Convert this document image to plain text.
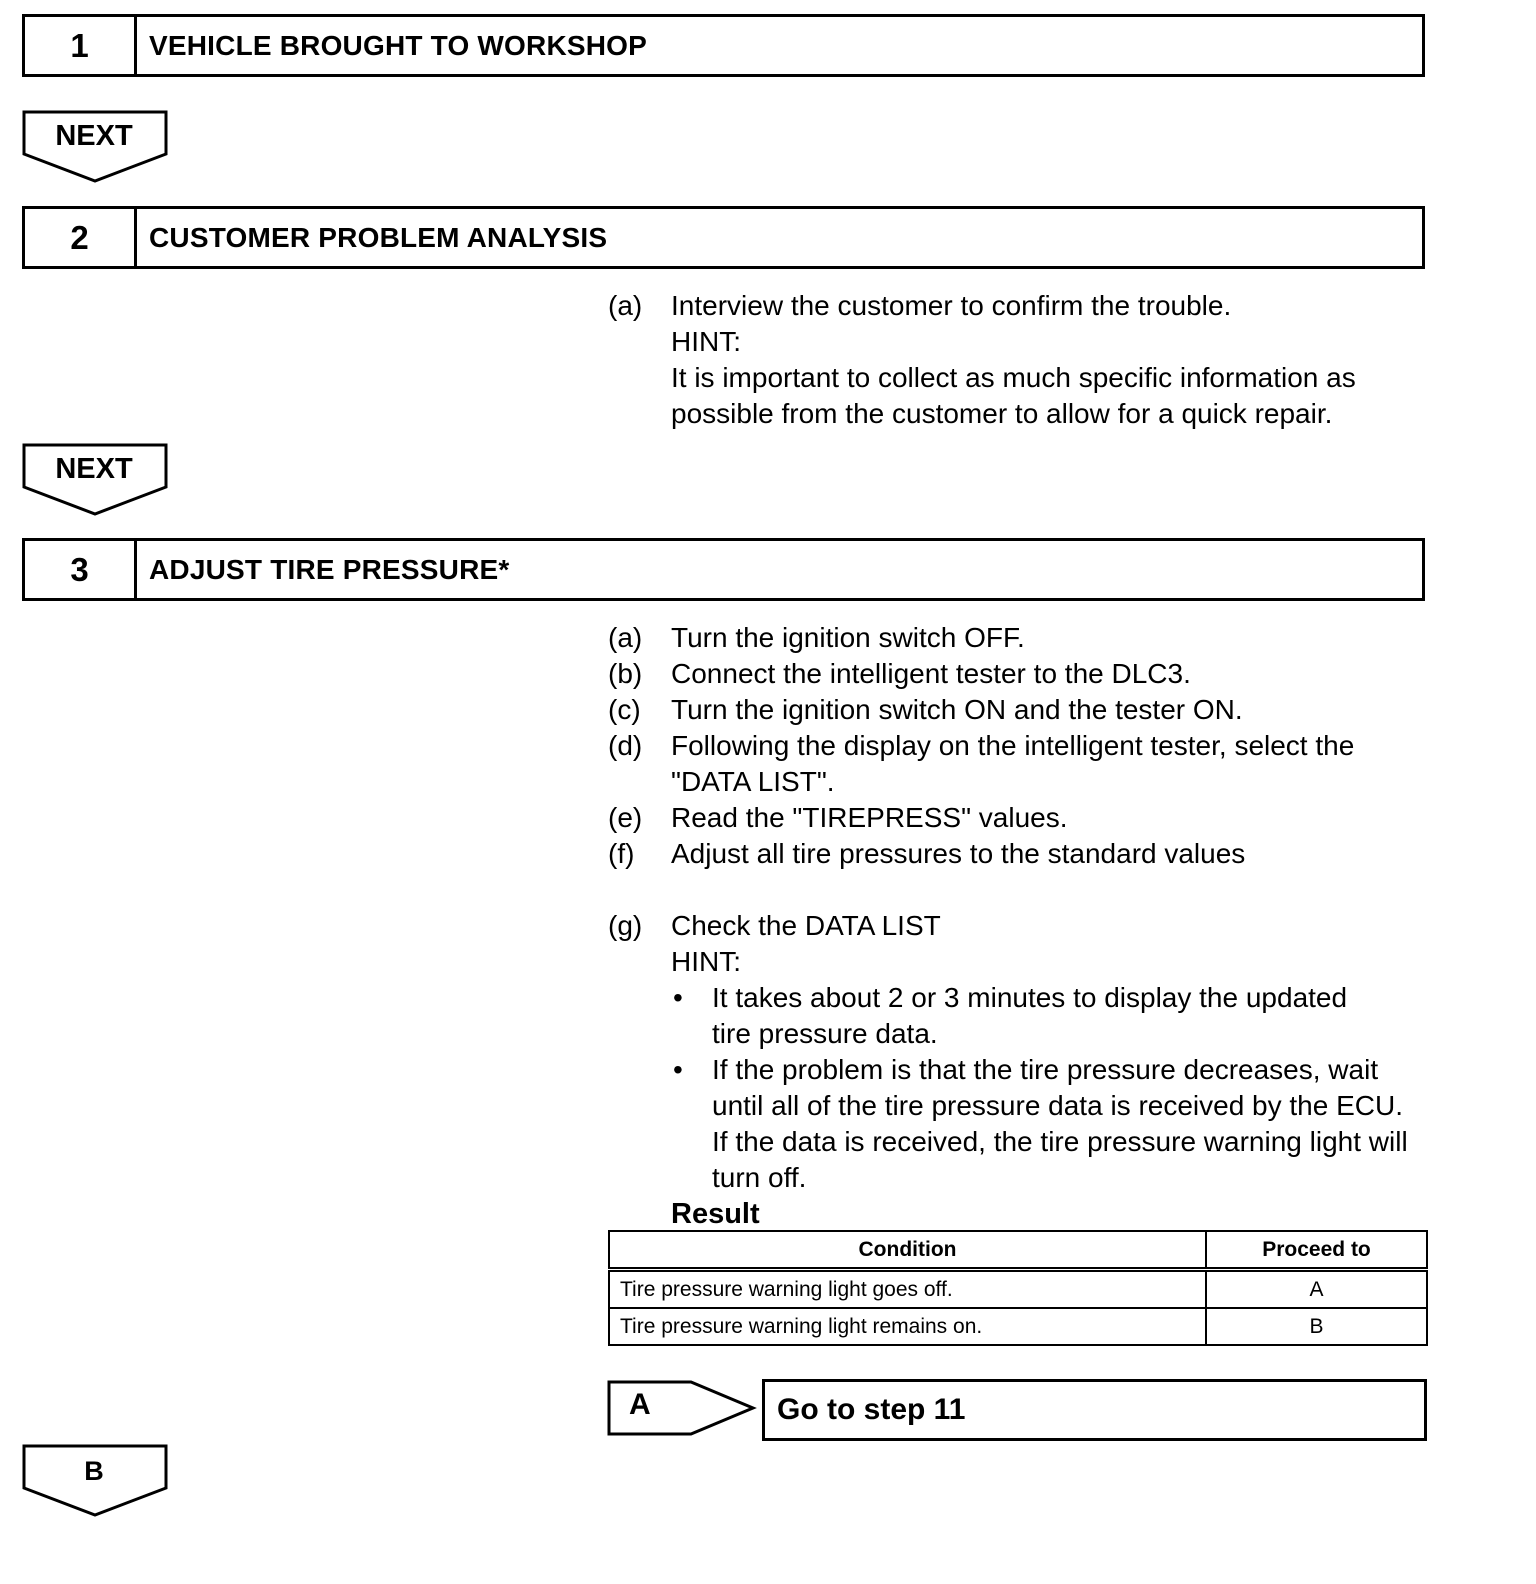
1	VEHICLE BROUGHT TO WORKSHOP
NEXT
2	CUSTOMER PROBLEM ANALYSIS
(a)	Interview the customer to confirm the trouble.
HINT:
It is important to collect as much specific information as possible from the customer to allow for a quick repair.
NEXT
3	ADJUST TIRE PRESSURE*
(a)	Turn the ignition switch OFF.
(b)	Connect the intelligent tester to the DLC3.
(c)	Turn the ignition switch ON and the tester ON.
(d)	Following the display on the intelligent tester, select the "DATA LIST".
(e)	Read the "TIREPRESS" values.
(f)	Adjust all tire pressures to the standard values
(g)	Check the DATA LIST
HINT:
•	It takes about 2 or 3 minutes to display the updated tire pressure data.
•	If the problem is that the tire pressure decreases, wait until all of the tire pressure data is received by the ECU. If the data is received, the tire pressure warning light will turn off.
Result
Condition	Proceed to
Tire pressure warning light goes off.	A
Tire pressure warning light remains on.	B
A	Go to step 11
B
